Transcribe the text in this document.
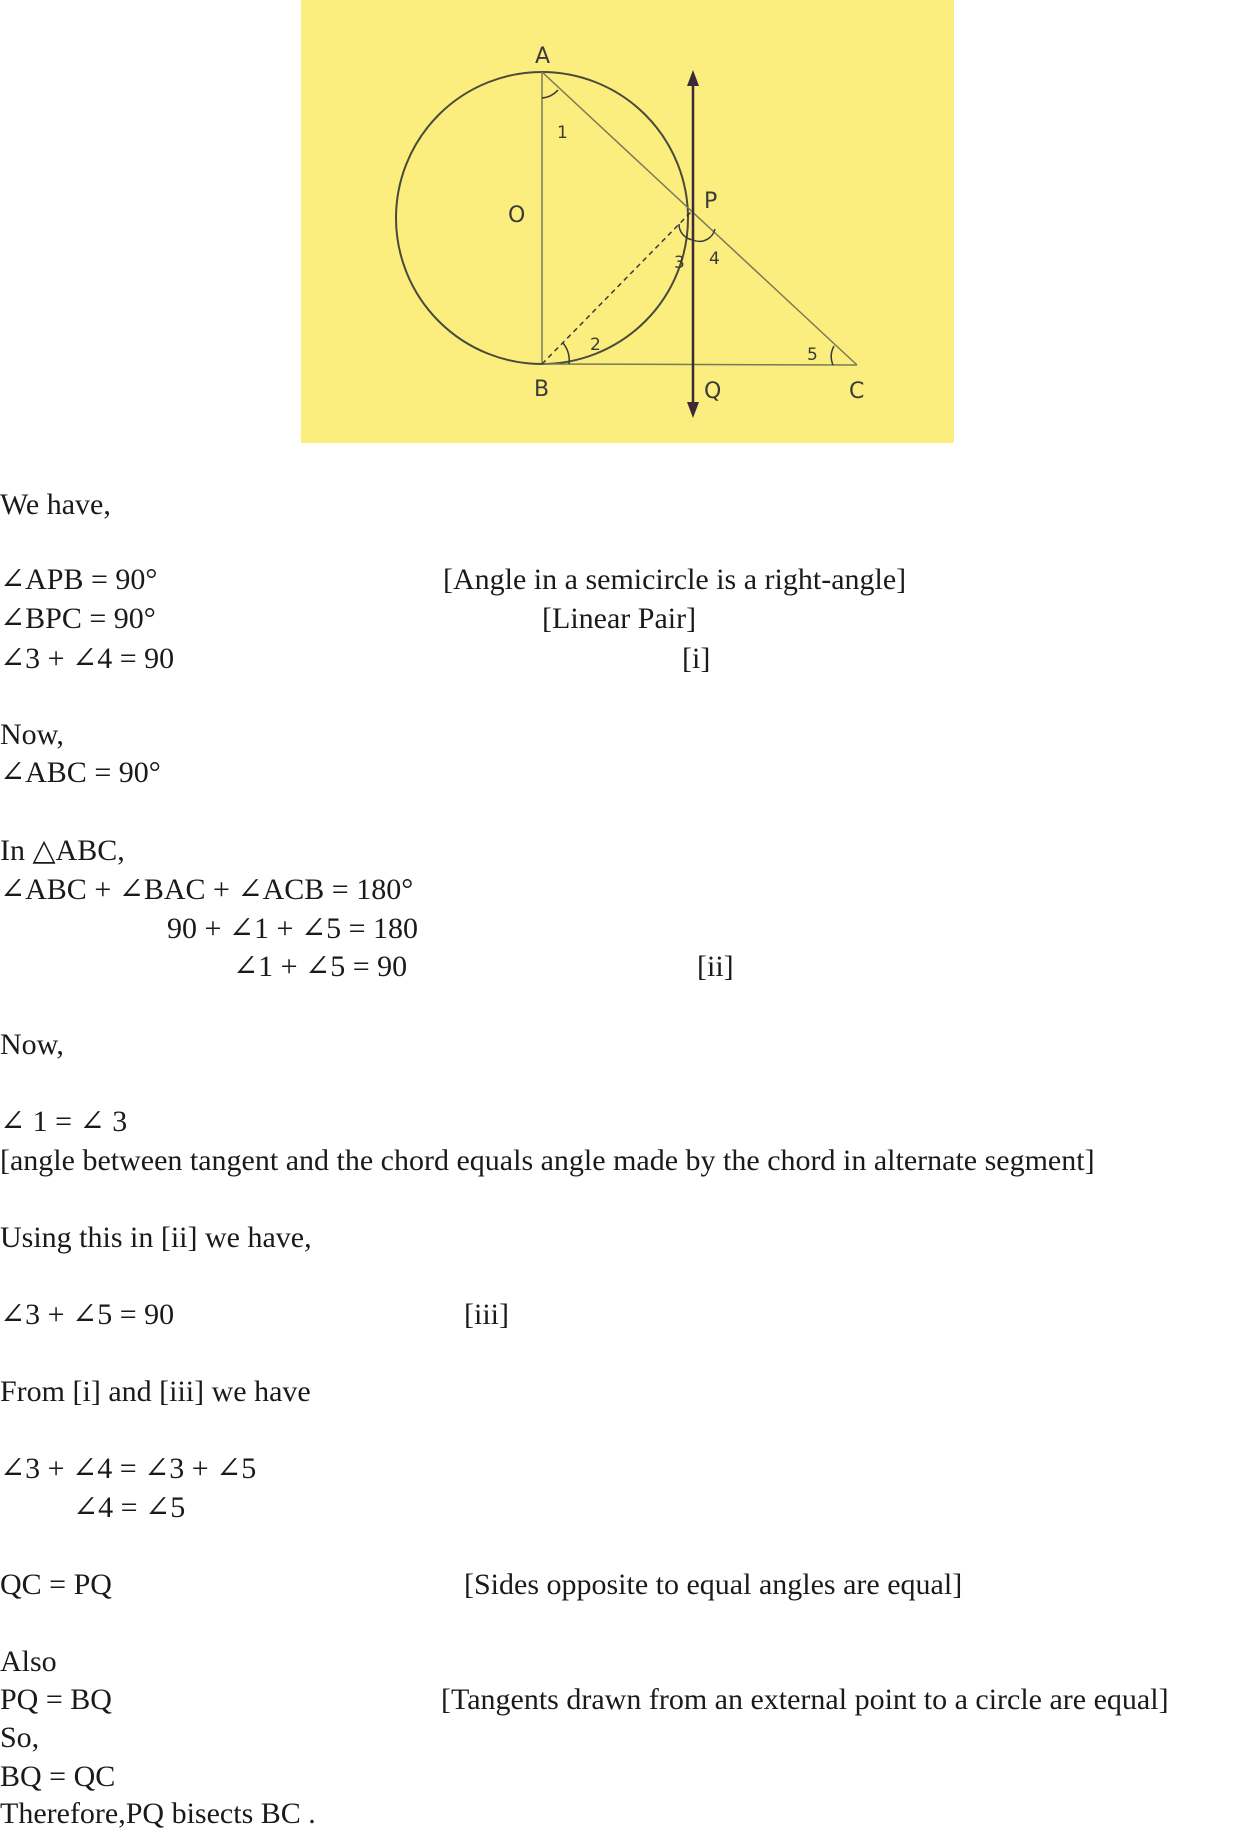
A
B	C
P
Q
O
1
2
3 4
5
We have,
∠APB = 90°	[Angle in a semicircle is a right-angle]
∠BPC = 90°	[Linear Pair]
∠3 + ∠4 = 90	[i]
Now,
∠ABC = 90°
In △ABC,
∠ABC + ∠BAC + ∠ACB = 180°
90 + ∠1 + ∠5 = 180
∠1 + ∠5 = 90	[ii]
Now,
∠ 1 = ∠ 3
[angle between tangent and the chord equals angle made by the chord in alternate segment]
Using this in [ii] we have,
∠3 + ∠5 = 90	[iii]
From [i] and [iii] we have
∠3 + ∠4 = ∠3 + ∠5
∠4 = ∠5
QC = PQ	[Sides opposite to equal angles are equal]
Also
PQ = BQ	[Tangents drawn from an external point to a circle are equal]
So,
BQ = QC
Therefore,PQ bisects BC .
